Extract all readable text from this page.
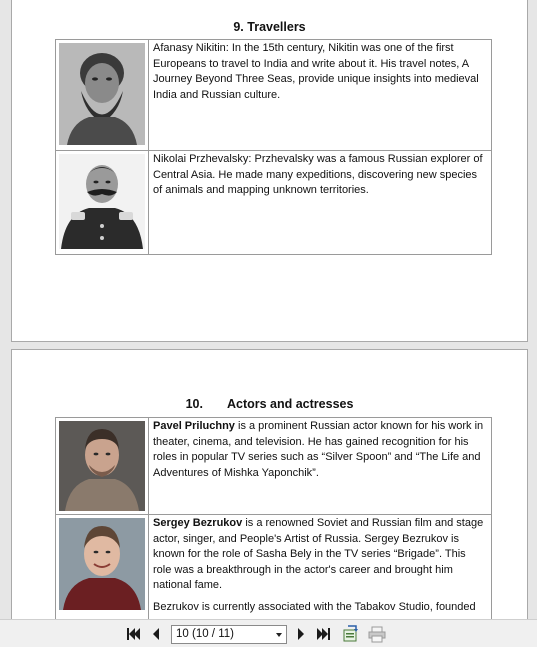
9. Travellers

Afanasy Nikitin: In the 15th century, Nikitin was one of the first Europeans to travel to India and write about it. His travel notes, A Journey Beyond Three Seas, provide unique insights into medieval India and Russian culture.

Nikolai Przhevalsky: Przhevalsky was a famous Russian explorer of Central Asia. He made many expeditions, discovering new species of animals and mapping unknown territories.

10. Actors and actresses

Pavel Priluchny is a prominent Russian actor known for his work in theater, cinema, and television. He has gained recognition for his roles in popular TV series such as “Silver Spoon” and “The Life and Adventures of Mishka Yaponchik”.

Sergey Bezrukov is a renowned Soviet and Russian film and stage actor, singer, and People's Artist of Russia. Sergey Bezrukov is known for the role of Sasha Bely in the TV series “Brigade”. This role was a breakthrough in the actor's career and brought him national fame.

Bezrukov is currently associated with the Tabakov Studio, founded

10 (10 / 11)
